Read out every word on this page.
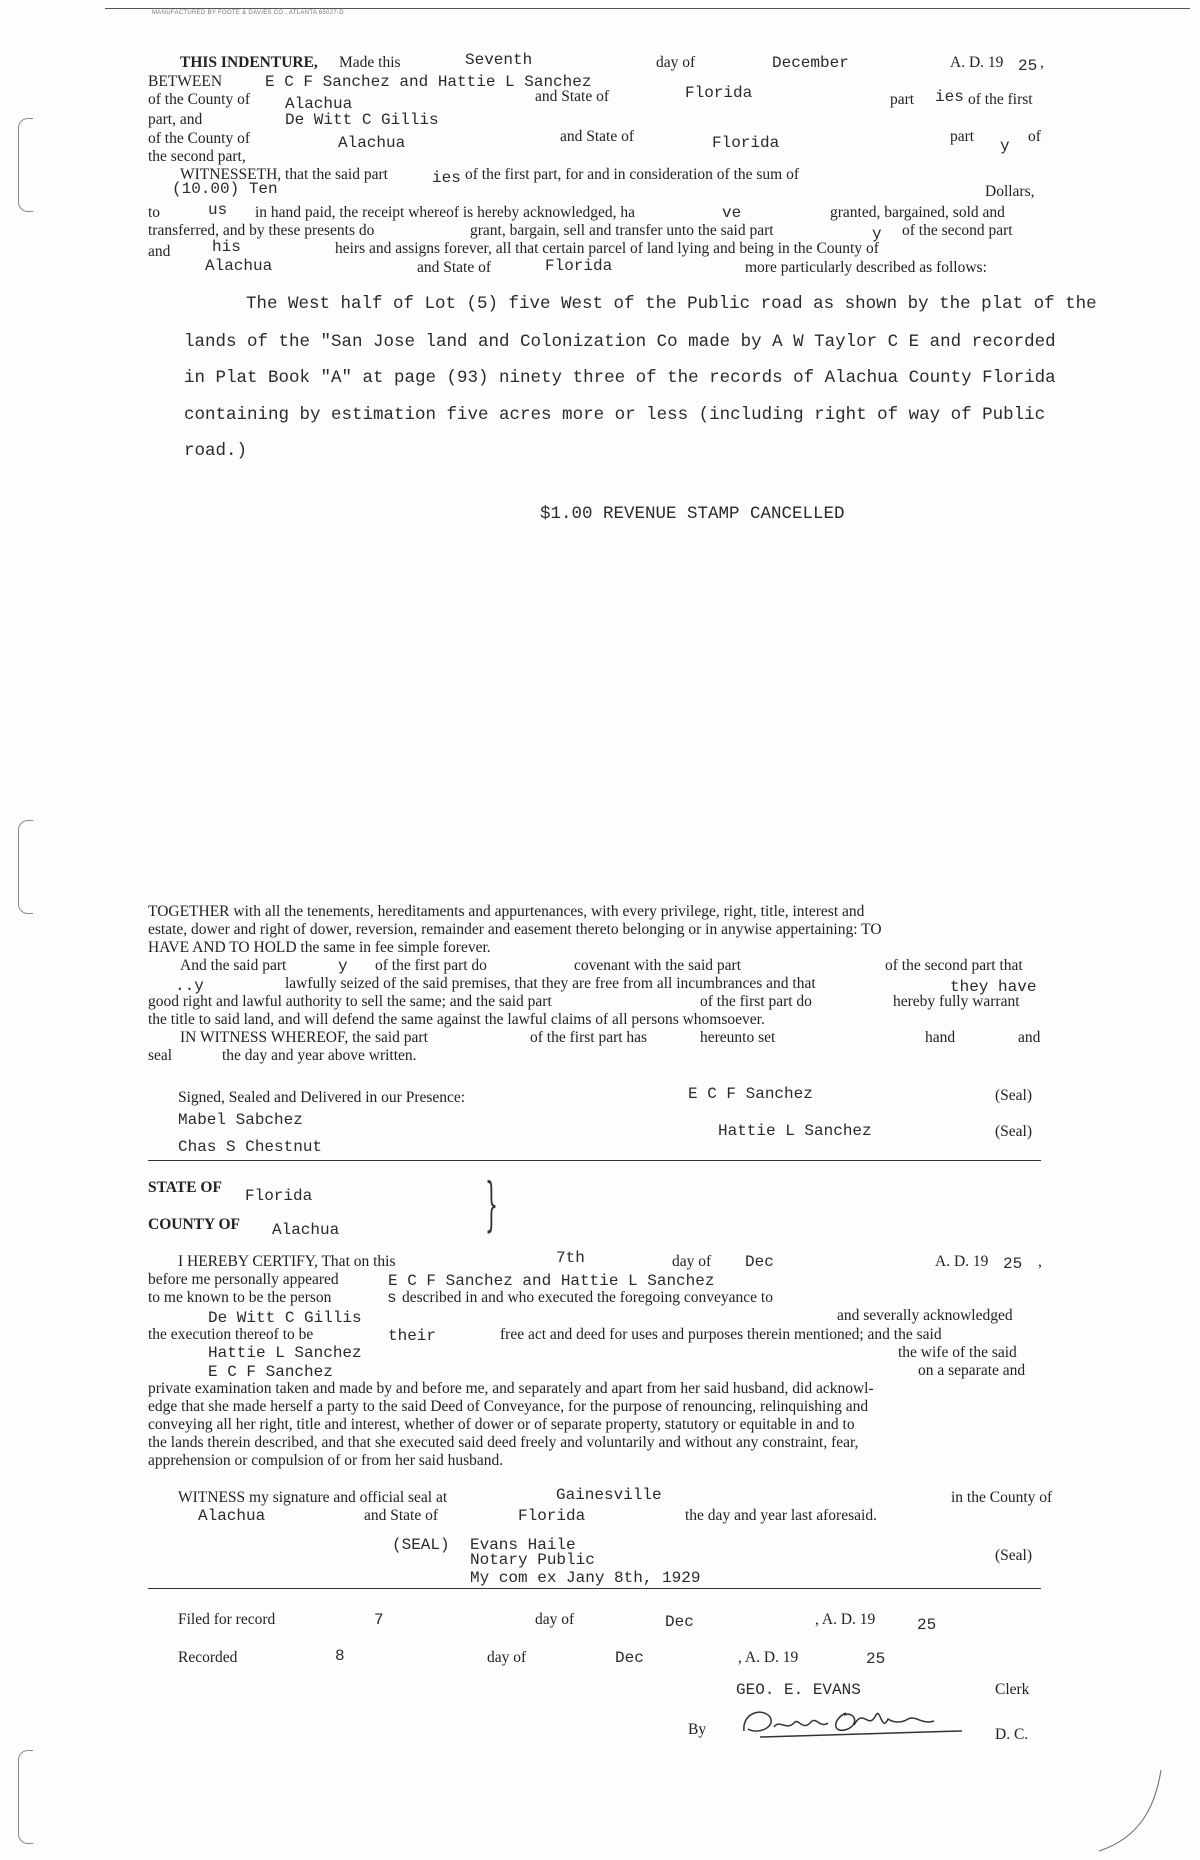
MANUFACTURED BY FOOTE & DAVIES CO., ATLANTA 65027-D
THIS INDENTURE, Made this	Seventh	day of	December	A. D. 19 25 ,
BETWEEN	E C F Sanchez and Hattie L Sanchez
of the County of Alachua	and State of	Florida	part ies of the first
part, and	De Witt C Gillis
of the County of	Alachua	and State of	Florida	part
y
of
the second part,
WITNESSETH, that the said part	ies of the first part, for and in consideration of the sum of
(10.00) Ten	Dollars,
to	us in hand paid, the receipt whereof is hereby acknowledged, ha	ve	granted, bargained, sold and
transferred, and by these presents do	grant, bargain, sell and transfer unto the said part	y of the second part
and	his	heirs and assigns forever, all that certain parcel of land lying and being in the County of
Alachua	and State of	Florida	more particularly described as follows:
The West half of Lot (5) five West of the Public road as shown by the plat of the
lands of the "San Jose land and Colonization Co made by A W Taylor C E and recorded
in Plat Book "A" at page (93) ninety three of the records of Alachua County Florida
containing by estimation five acres more or less (including right of way of Public
road.)
$1.00 REVENUE STAMP CANCELLED
TOGETHER with all the tenements, hereditaments and appurtenances, with every privilege, right, title, interest and
estate, dower and right of dower, reversion, remainder and easement thereto belonging or in anywise appertaining: TO
HAVE AND TO HOLD the same in fee simple forever.
And the said part	y of the first part do	covenant with the said part	of the second part that
..y	lawfully seized of the said premises, that they are free from all incumbrances and that	they have
good right and lawful authority to sell the same; and the said part	of the first part do	hereby fully warrant
the title to said land, and will defend the same against the lawful claims of all persons whomsoever.
IN WITNESS WHEREOF, the said part	of the first part has	hereunto set	hand	and
seal	the day and year above written.
Signed, Sealed and Delivered in our Presence:
Mabel Sabchez
Chas S Chestnut
E C F Sanchez	(Seal)
Hattie L Sanchez	(Seal)
STATE OF Florida
COUNTY OF Alachua	}
I HEREBY CERTIFY, That on this	7th	day of Dec	A. D. 19 25 ,
before me personally appeared	E C F Sanchez and Hattie L Sanchez
to me known to be the person	s described in and who executed the foregoing conveyance to
De Witt C Gillis	and severally acknowledged
the execution thereof to be	their	free act and deed for uses and purposes therein mentioned; and the said
Hattie L Sanchez	the wife of the said
E C F Sanchez	on a separate and
private examination taken and made by and before me, and separately and apart from her said husband, did acknowl-
edge that she made herself a party to the said Deed of Conveyance, for the purpose of renouncing, relinquishing and
conveying all her right, title and interest, whether of dower or of separate property, statutory or equitable in and to
the lands therein described, and that she executed said deed freely and voluntarily and without any constraint, fear,
apprehension or compulsion of or from her said husband.
WITNESS my signature and official seal at	Gainesville	in the County of
Alachua	and State of	Florida	the day and year last aforesaid.
(SEAL) Evans Haile
Notary Public	(Seal)
My com ex Jany 8th, 1929
Filed for record	7	day of	Dec	, A. D. 19	25
Recorded	8	day of	Dec	, A. D. 19	25
GEO. E. EVANS	Clerk
By	D. C.
